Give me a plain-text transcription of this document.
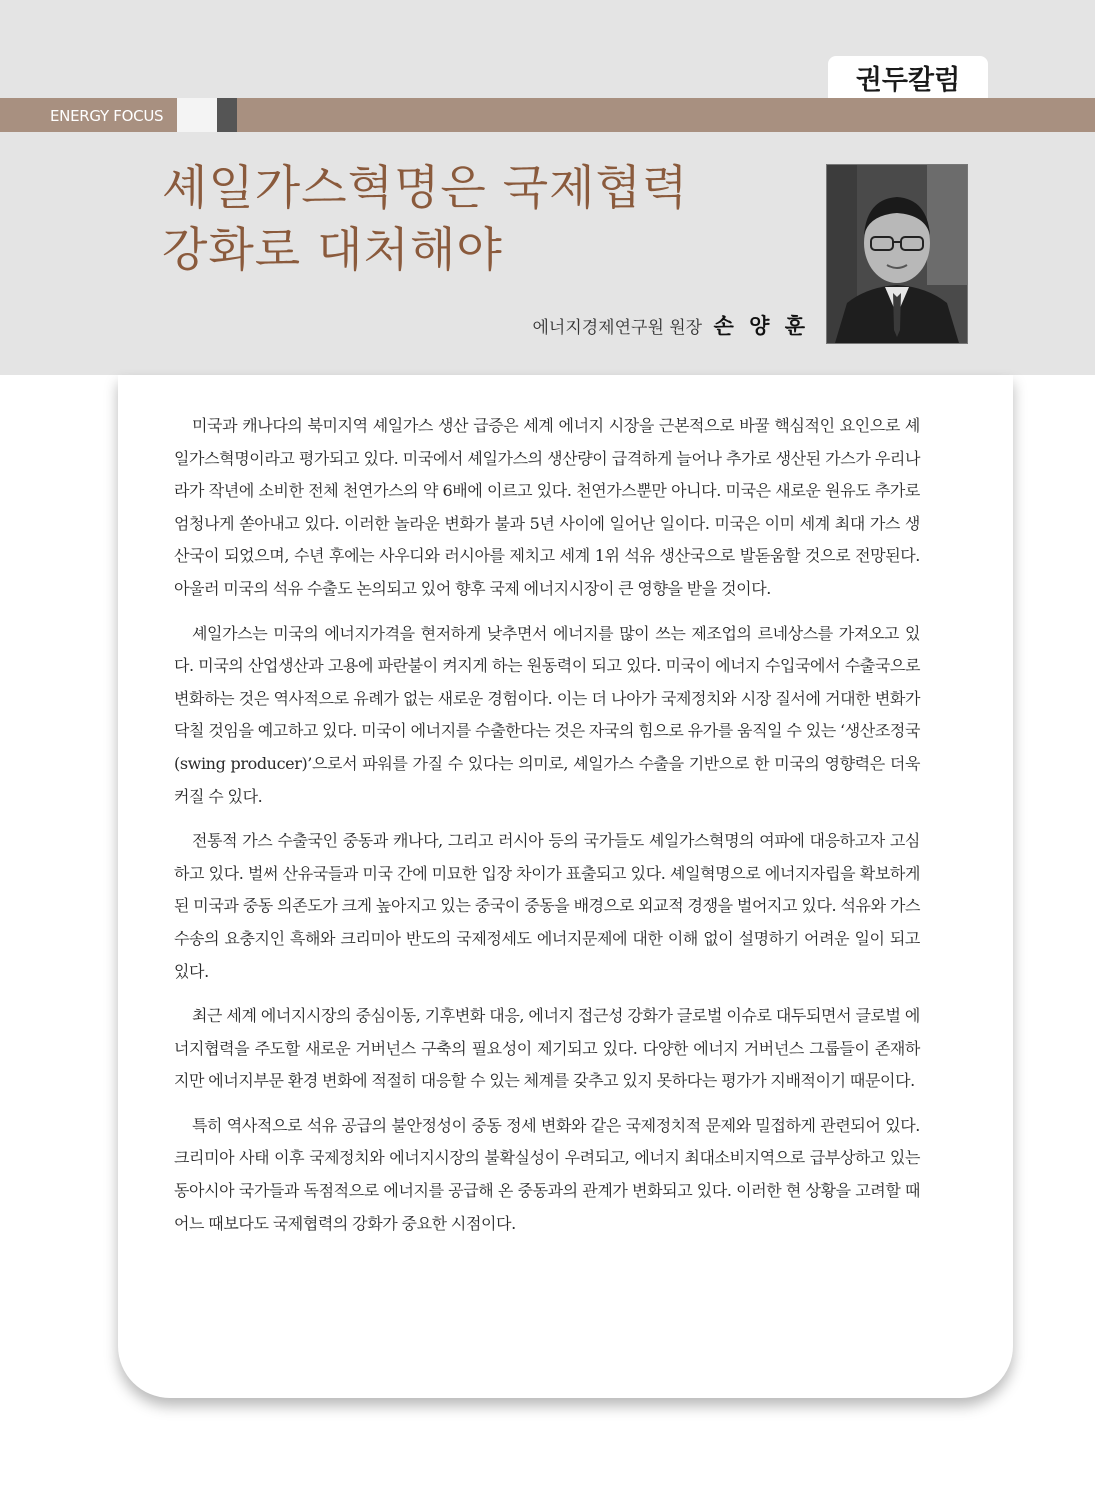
권두칼럼
ENERGY FOCUS
셰일가스혁명은 국제협력
강화로 대처해야
에너지경제연구원 원장 손 양 훈

미국과 캐나다의 북미지역 셰일가스 생산 급증은 세계 에너지 시장을 근본적으로 바꿀 핵심적인 요인으로 셰일가스혁명이라고 평가되고 있다. 미국에서 셰일가스의 생산량이 급격하게 늘어나 추가로 생산된 가스가 우리나라가 작년에 소비한 전체 천연가스의 약 6배에 이르고 있다. 천연가스뿐만 아니다. 미국은 새로운 원유도 추가로 엄청나게 쏟아내고 있다. 이러한 놀라운 변화가 불과 5년 사이에 일어난 일이다. 미국은 이미 세계 최대 가스 생산국이 되었으며, 수년 후에는 사우디와 러시아를 제치고 세계 1위 석유 생산국으로 발돋움할 것으로 전망된다. 아울러 미국의 석유 수출도 논의되고 있어 향후 국제 에너지시장이 큰 영향을 받을 것이다.

셰일가스는 미국의 에너지가격을 현저하게 낮추면서 에너지를 많이 쓰는 제조업의 르네상스를 가져오고 있다. 미국의 산업생산과 고용에 파란불이 켜지게 하는 원동력이 되고 있다. 미국이 에너지 수입국에서 수출국으로 변화하는 것은 역사적으로 유례가 없는 새로운 경험이다. 이는 더 나아가 국제정치와 시장 질서에 거대한 변화가 닥칠 것임을 예고하고 있다. 미국이 에너지를 수출한다는 것은 자국의 힘으로 유가를 움직일 수 있는 ‘생산조정국(swing producer)’으로서 파워를 가질 수 있다는 의미로, 셰일가스 수출을 기반으로 한 미국의 영향력은 더욱 커질 수 있다.

전통적 가스 수출국인 중동과 캐나다, 그리고 러시아 등의 국가들도 셰일가스혁명의 여파에 대응하고자 고심하고 있다. 벌써 산유국들과 미국 간에 미묘한 입장 차이가 표출되고 있다. 셰일혁명으로 에너지자립을 확보하게 된 미국과 중동 의존도가 크게 높아지고 있는 중국이 중동을 배경으로 외교적 경쟁을 벌어지고 있다. 석유와 가스 수송의 요충지인 흑해와 크리미아 반도의 국제정세도 에너지문제에 대한 이해 없이 설명하기 어려운 일이 되고 있다.

최근 세계 에너지시장의 중심이동, 기후변화 대응, 에너지 접근성 강화가 글로벌 이슈로 대두되면서 글로벌 에너지협력을 주도할 새로운 거버넌스 구축의 필요성이 제기되고 있다. 다양한 에너지 거버넌스 그룹들이 존재하지만 에너지부문 환경 변화에 적절히 대응할 수 있는 체계를 갖추고 있지 못하다는 평가가 지배적이기 때문이다.

특히 역사적으로 석유 공급의 불안정성이 중동 정세 변화와 같은 국제정치적 문제와 밀접하게 관련되어 있다. 크리미아 사태 이후 국제정치와 에너지시장의 불확실성이 우려되고, 에너지 최대소비지역으로 급부상하고 있는 동아시아 국가들과 독점적으로 에너지를 공급해 온 중동과의 관계가 변화되고 있다. 이러한 현 상황을 고려할 때 어느 때보다도 국제협력의 강화가 중요한 시점이다.
